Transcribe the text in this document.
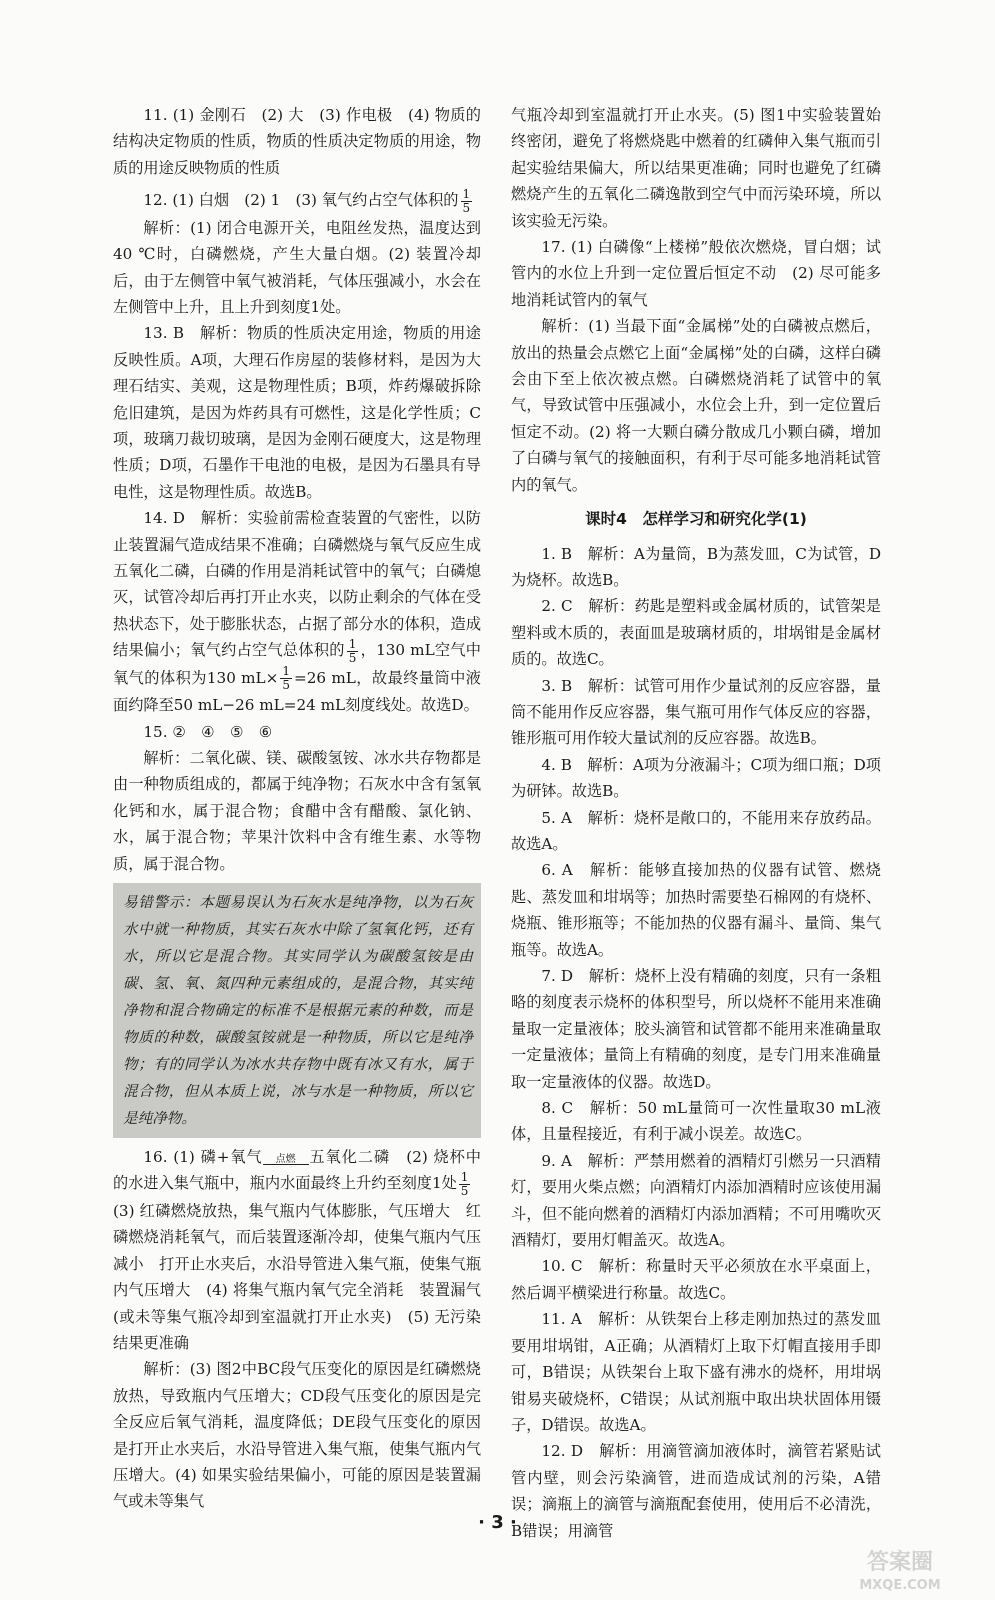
11. (1) 金刚石　(2) 大　(3) 作电极　(4) 物质的结构决定物质的性质，物质的性质决定物质的用途，物质的用途反映物质的性质

12. (1) 白烟　(2) 1　(3) 氧气约占空气体积的 $\frac{1}{5}$

解析：(1) 闭合电源开关，电阻丝发热，温度达到40 ℃时，白磷燃烧，产生大量白烟。(2) 装置冷却后，由于左侧管中氧气被消耗，气体压强减小，水会在左侧管中上升，且上升到刻度1处。

13. B　解析：物质的性质决定用途，物质的用途反映性质。A项，大理石作房屋的装修材料，是因为大理石结实、美观，这是物理性质；B项，炸药爆破拆除危旧建筑，是因为炸药具有可燃性，这是化学性质；C项，玻璃刀裁切玻璃，是因为金刚石硬度大，这是物理性质；D项，石墨作干电池的电极，是因为石墨具有导电性，这是物理性质。故选B。

14. D　解析：实验前需检查装置的气密性，以防止装置漏气造成结果不准确；白磷燃烧与氧气反应生成五氧化二磷，白磷的作用是消耗试管中的氧气；白磷熄灭，试管冷却后再打开止水夹，以防止剩余的气体在受热状态下，处于膨胀状态，占据了部分水的体积，造成结果偏小；氧气约占空气总体积的 $\frac{1}{5}$ ，130 mL空气中氧气的体积为130 $mL\times \frac{1}{5} =26$ mL，故最终量筒中液面约降至50 mL−26 mL=24 mL刻度线处。故选D。

15. ②　④　⑤　⑥

解析：二氧化碳、镁、碳酸氢铵、冰水共存物都是由一种物质组成的，都属于纯净物；石灰水中含有氢氧化钙和水，属于混合物；食醋中含有醋酸、氯化钠、水，属于混合物；苹果汁饮料中含有维生素、水等物质，属于混合物。

易错警示：本题易误认为石灰水是纯净物，以为石灰水中就一种物质，其实石灰水中除了氢氧化钙，还有水，所以它是混合物。其实同学认为碳酸氢铵是由碳、氢、氧、氮四种元素组成的，是混合物，其实纯净物和混合物确定的标准不是根据元素的种数，而是物质的种数，碳酸氢铵就是一种物质，所以它是纯净物；有的同学认为冰水共存物中既有冰又有水，属于混合物，但从本质上说，冰与水是一种物质，所以它是纯净物。

16. (1) 磷+氧气	点燃 五氧化二磷　(2) 烧杯中的水进入集气瓶中，瓶内水面最终上升约至刻度1处 $\frac{1}{5}$

(3) 红磷燃烧放热，集气瓶内气体膨胀，气压增大　红磷燃烧消耗氧气，而后装置逐渐冷却，使集气瓶内气压减小　打开止水夹后，水沿导管进入集气瓶，使集气瓶内气压增大　(4) 将集气瓶内氧气完全消耗　装置漏气(或未等集气瓶冷却到室温就打开止水夹)　(5) 无污染　结果更准确

解析：(3) 图2中BC段气压变化的原因是红磷燃烧放热，导致瓶内气压增大；CD段气压变化的原因是完全反应后氧气消耗，温度降低；DE段气压变化的原因是打开止水夹后，水沿导管进入集气瓶，使集气瓶内气压增大。(4) 如果实验结果偏小，可能的原因是装置漏气或未等集气

气瓶冷却到室温就打开止水夹。(5) 图1中实验装置始终密闭，避免了将燃烧匙中燃着的红磷伸入集气瓶而引起实验结果偏大，所以结果更准确；同时也避免了红磷燃烧产生的五氧化二磷逸散到空气中而污染环境，所以该实验无污染。

17. (1) 白磷像“上楼梯”般依次燃烧，冒白烟；试管内的水位上升到一定位置后恒定不动　(2) 尽可能多地消耗试管内的氧气

解析：(1) 当最下面“金属梯”处的白磷被点燃后，放出的热量会点燃它上面“金属梯”处的白磷，这样白磷会由下至上依次被点燃。白磷燃烧消耗了试管中的氧气，导致试管中压强减小，水位会上升，到一定位置后恒定不动。(2) 将一大颗白磷分散成几小颗白磷，增加了白磷与氧气的接触面积，有利于尽可能多地消耗试管内的氧气。

课时4　怎样学习和研究化学(1)

1. B　解析：A为量筒，B为蒸发皿，C为试管，D为烧杯。故选B。

2. C　解析：药匙是塑料或金属材质的，试管架是塑料或木质的，表面皿是玻璃材质的，坩埚钳是金属材质的。故选C。

3. B　解析：试管可用作少量试剂的反应容器，量筒不能用作反应容器，集气瓶可用作气体反应的容器，锥形瓶可用作较大量试剂的反应容器。故选B。

4. B　解析：A项为分液漏斗；C项为细口瓶；D项为研钵。故选B。

5. A　解析：烧杯是敞口的，不能用来存放药品。故选A。

6. A　解析：能够直接加热的仪器有试管、燃烧匙、蒸发皿和坩埚等；加热时需要垫石棉网的有烧杯、烧瓶、锥形瓶等；不能加热的仪器有漏斗、量筒、集气瓶等。故选A。

7. D　解析：烧杯上没有精确的刻度，只有一条粗略的刻度表示烧杯的体积型号，所以烧杯不能用来准确量取一定量液体；胶头滴管和试管都不能用来准确量取一定量液体；量筒上有精确的刻度，是专门用来准确量取一定量液体的仪器。故选D。

8. C　解析：50 mL量筒可一次性量取30 mL液体，且量程接近，有利于减小误差。故选C。

9. A　解析：严禁用燃着的酒精灯引燃另一只酒精灯，要用火柴点燃；向酒精灯内添加酒精时应该使用漏斗，但不能向燃着的酒精灯内添加酒精；不可用嘴吹灭酒精灯，要用灯帽盖灭。故选A。

10. C　解析：称量时天平必须放在水平桌面上，然后调平横梁进行称量。故选C。

11. A　解析：从铁架台上移走刚加热过的蒸发皿要用坩埚钳，A正确；从酒精灯上取下灯帽直接用手即可，B错误；从铁架台上取下盛有沸水的烧杯，用坩埚钳易夹破烧杯，C错误；从试剂瓶中取出块状固体用镊子，D错误。故选A。

12. D　解析：用滴管滴加液体时，滴管若紧贴试管内壁，则会污染滴管，进而造成试剂的污染，A错误；滴瓶上的滴管与滴瓶配套使用，使用后不必清洗，B错误；用滴管

· 3 ·
答案圈
MXQE.COM
